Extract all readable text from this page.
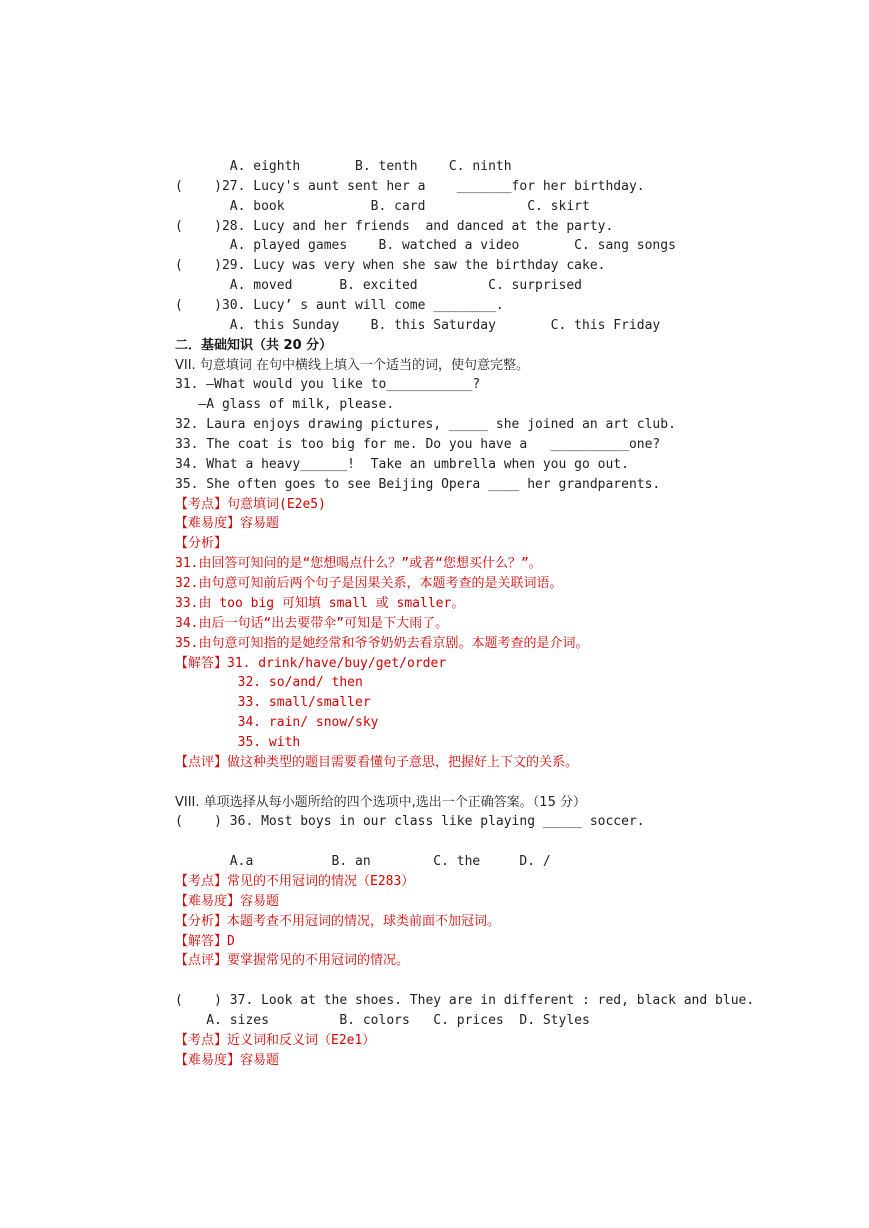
A. eighth       B. tenth    C. ninth
(    )27. Lucy's aunt sent her a    _______for her birthday.
A. book           B. card             C. skirt
(    )28. Lucy and her friends  and danced at the party.
A. played games    B. watched a video       C. sang songs
(    )29. Lucy was very when she saw the birthday cake.
A. moved      B. excited         C. surprised
(    )30. Lucy’ s aunt will come ________.
A. this Sunday    B. this Saturday       C. this Friday
二．基础知识（共 20 分）
VII. 句意填词 在句中横线上填入一个适当的词，使句意完整。
31. —What would you like to___________?
—A glass of milk, please.
32. Laura enjoys drawing pictures, _____ she joined an art club.
33. The coat is too big for me. Do you have a   __________one?
34. What a heavy______!  Take an umbrella when you go out.
35. She often goes to see Beijing Opera ____ her grandparents.
【考点】句意填词(E2e5)
【难易度】容易题
【分析】
31.由回答可知问的是“您想喝点什么？”或者“您想买什么？”。
32.由句意可知前后两个句子是因果关系，本题考查的是关联词语。
33.由 too big 可知填 small 或 smaller。
34.由后一句话“出去要带伞”可知是下大雨了。
35.由句意可知指的是她经常和爷爷奶奶去看京剧。本题考查的是介词。
【解答】31. drink/have/buy/get/order
32. so/and/ then
33. small/smaller
34. rain/ snow/sky
35. with
【点评】做这种类型的题目需要看懂句子意思，把握好上下文的关系。
VIII. 单项选择从每小题所给的四个选项中,选出一个正确答案。（15 分）
(    ) 36. Most boys in our class like playing _____ soccer.
A.a          B. an        C. the     D. /
【考点】常见的不用冠词的情况（E283）
【难易度】容易题
【分析】本题考查不用冠词的情况，球类前面不加冠词。
【解答】D
【点评】要掌握常见的不用冠词的情况。
(    ) 37. Look at the shoes. They are in different : red, black and blue.
A. sizes         B. colors   C. prices  D. Styles
【考点】近义词和反义词（E2e1）
【难易度】容易题
